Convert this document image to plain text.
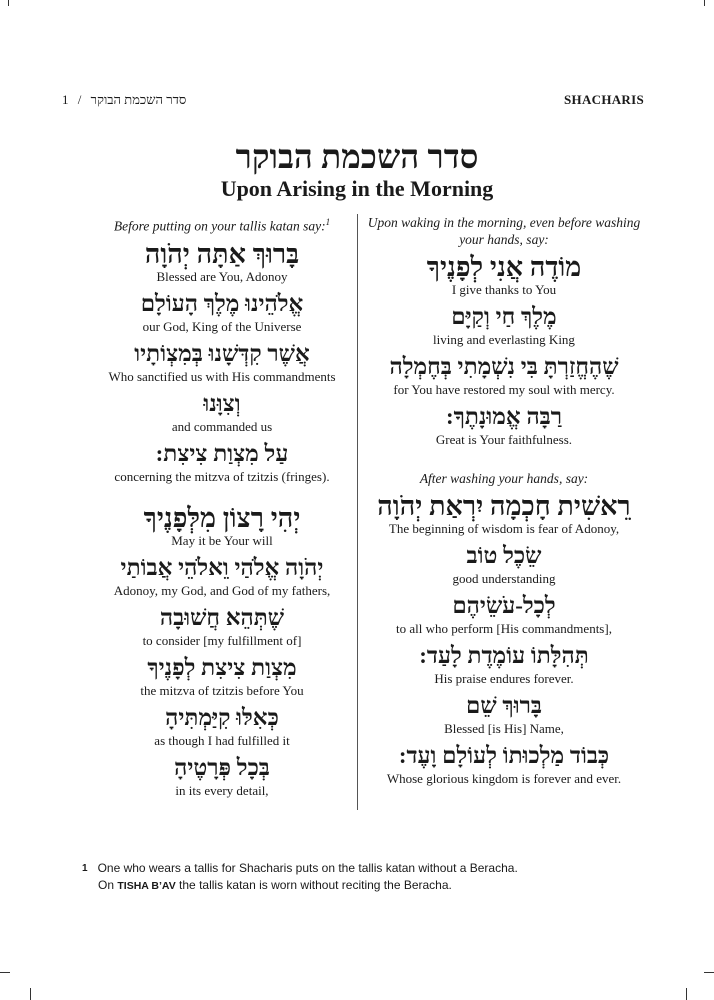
1 / סדר השכמת הבוקר	SHACHARIS
סדר השכמת הבוקר
Upon Arising in the Morning
Before putting on your tallis katan say:$^1$
בָּרוּךְ אַתָּה יְהֹוָה
Blessed are You, Adonoy
אֱלֹהֵינוּ מֶלֶךְ הָעוֹלָם
our God, King of the Universe
אֲשֶׁר קִדְּשָׁנוּ בְּמִצְוֹתָיו
Who sanctified us with His commandments
וְצִוָּנוּ
and commanded us
עַל מִצְוַת צִיצִת:
concerning the mitzva of tzitzis (fringes).
יְהִי רָצוֹן מִלְּפָנֶיךָ
May it be Your will
יְהֹוָה אֱלֹהַי וֵאלֹהֵי אֲבוֹתַי
Adonoy, my God, and God of my fathers,
שֶׁתְּהֵא חֲשׁוּבָה
to consider [my fulfillment of]
מִצְוַת צִיצִת לְפָנֶיךָ
the mitzva of tzitzis before You
כְּאִלּוּ קִיַּמְתִּיהָ
as though I had fulfilled it
בְּכָל פְּרָטֶיהָ
in its every detail,
Upon waking in the morning, even before washing your hands, say:
מוֹדֶה אֲנִי לְפָנֶיךָ
I give thanks to You
מֶלֶךְ חַי וְקַיָּם
living and everlasting King
שֶׁהֶחֱזַרְתָּ בִּי נִשְׁמָתִי בְּחֶמְלָה
for You have restored my soul with mercy.
רַבָּה אֱמוּנָתֶךָ:
Great is Your faithfulness.
After washing your hands, say:
רֵאשִׁית חָכְמָה יִרְאַת יְהֹוָה
The beginning of wisdom is fear of Adonoy,
שֵׂכֶל טוֹב
good understanding
לְכָל-עֹשֵׂיהֶם
to all who perform [His commandments],
תְּהִלָּתוֹ עוֹמֶדֶת לָעַד:
His praise endures forever.
בָּרוּךְ שֵׁם
Blessed [is His] Name,
כְּבוֹד מַלְכוּתוֹ לְעוֹלָם וָעֶד:
Whose glorious kingdom is forever and ever.
$^1$ One who wears a tallis for Shacharis puts on the tallis katan without a Beracha.
On TISHA B’AV the tallis katan is worn without reciting the Beracha.
